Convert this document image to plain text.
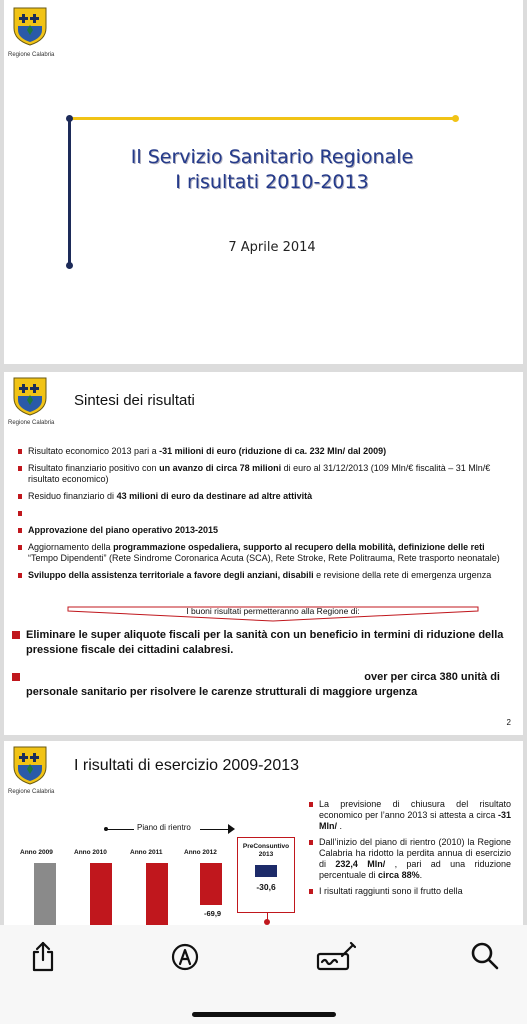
Regione Calabria
Il Servizio Sanitario Regionale
I risultati 2010-2013
7 Aprile 2014
Regione Calabria
Sintesi dei risultati
Risultato economico 2013 pari a -31 milioni di euro (riduzione di ca. 232 Mln/ dal 2009)
Risultato finanziario positivo con un avanzo di circa 78 milioni di euro al 31/12/2013 (109 Mln/€ fiscalità – 31 Mln/€ risultato economico)
Residuo finanziario di 43 milioni di euro da destinare ad altre attività
Approvazione del piano operativo 2013-2015
Aggiornamento della programmazione ospedaliera, supporto al recupero della mobilità, definizione delle reti “Tempo Dipendenti” (Rete Sindrome Coronarica Acuta (SCA), Rete Stroke, Rete Politrauma, Rete trasporto neonatale)
Sviluppo della assistenza territoriale a favore degli anziani, disabili e revisione della rete di emergenza urgenza
I buoni risultati permetteranno alla Regione di:
Eliminare le super aliquote fiscali per la sanità con un beneficio in termini di riduzione della pressione fiscale dei cittadini calabresi.
over per circa 380 unità di
personale sanitario per risolvere le carenze strutturali di maggiore urgenza
2
Regione Calabria
I risultati di esercizio 2009-2013
Piano di rientro
Anno 2009	Anno 2010	Anno 2011	Anno 2012
-69,9
PreConsuntivo
2013
-30,6
La previsione di chiusura del risultato economico per l’anno 2013 si attesta a circa -31 Mln/ .
Dall’inizio del piano di rientro (2010) la Regione Calabria ha ridotto la perdita annua di esercizio di 232,4 Mln/ , pari ad una riduzione percentuale di circa 88%.
I risultati raggiunti sono il frutto della
